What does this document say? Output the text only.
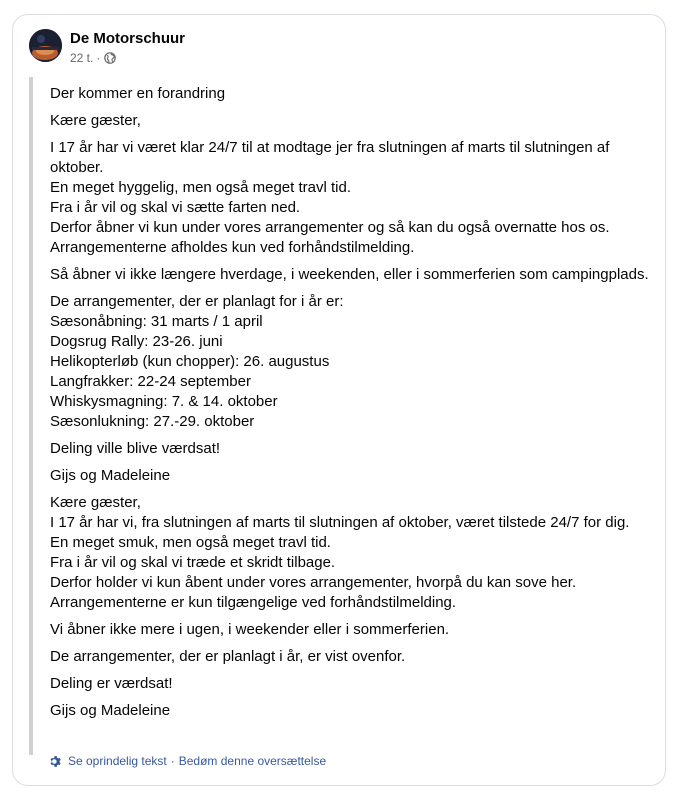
De Motorschuur
22 t. ·

Der kommer en forandring

Kære gæster,

I 17 år har vi været klar 24/7 til at modtage jer fra slutningen af marts til slutningen af oktober.
En meget hyggelig, men også meget travl tid.
Fra i år vil og skal vi sætte farten ned.
Derfor åbner vi kun under vores arrangementer og så kan du også overnatte hos os.
Arrangementerne afholdes kun ved forhåndstilmelding.

Så åbner vi ikke længere hverdage, i weekenden, eller i sommerferien som campingplads.

De arrangementer, der er planlagt for i år er:
Sæsonåbning: 31 marts / 1 april
Dogsrug Rally: 23-26. juni
Helikopterløb (kun chopper): 26. augustus
Langfrakker: 22-24 september
Whiskysmagning: 7. & 14. oktober
Sæsonlukning: 27.-29. oktober

Deling ville blive værdsat!

Gijs og Madeleine

Kære gæster,
I 17 år har vi, fra slutningen af marts til slutningen af oktober, været tilstede 24/7 for dig.
En meget smuk, men også meget travl tid.
Fra i år vil og skal vi træde et skridt tilbage.
Derfor holder vi kun åbent under vores arrangementer, hvorpå du kan sove her.
Arrangementerne er kun tilgængelige ved forhåndstilmelding.

Vi åbner ikke mere i ugen, i weekender eller i sommerferien.

De arrangementer, der er planlagt i år, er vist ovenfor.

Deling er værdsat!

Gijs og Madeleine

Se oprindelig tekst · Bedøm denne oversættelse
